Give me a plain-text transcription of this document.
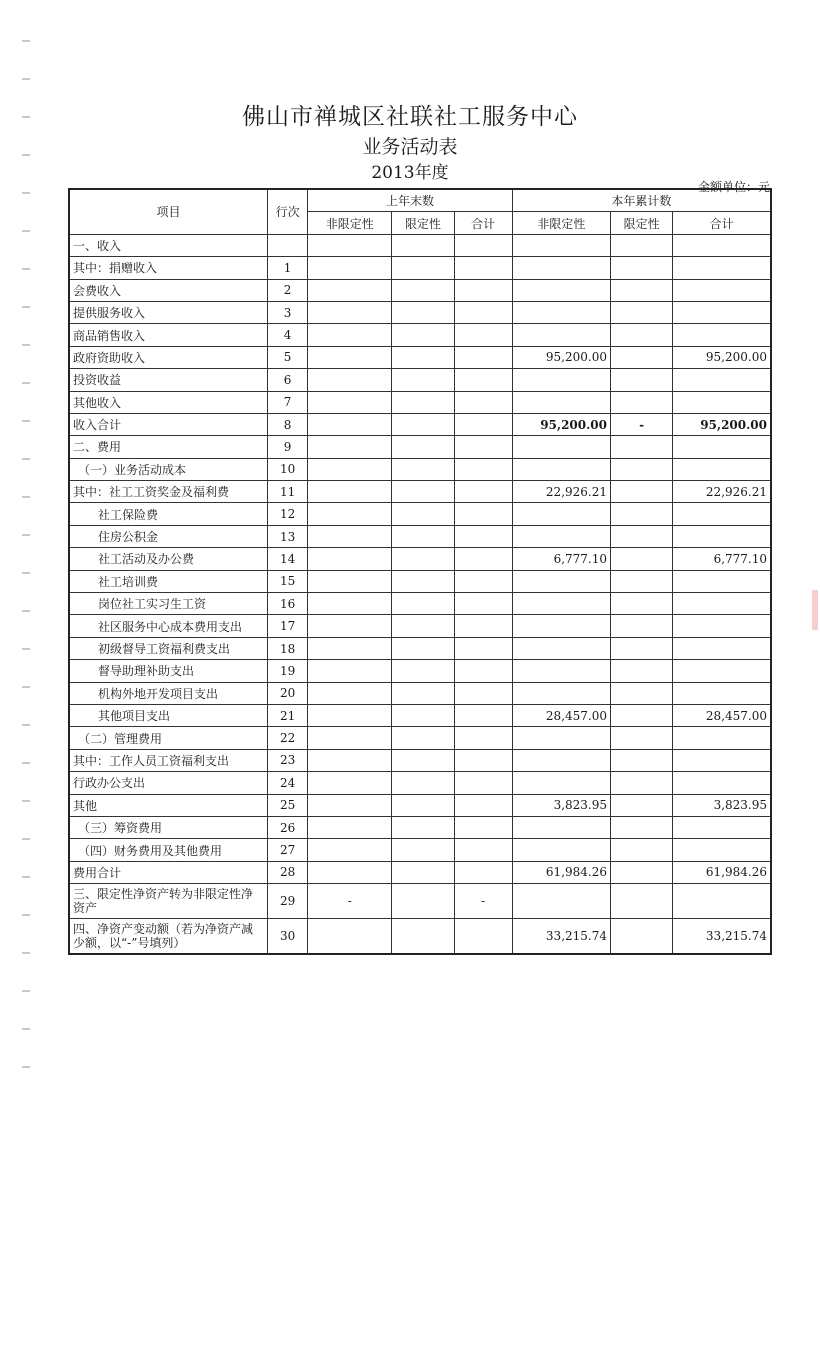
佛山市禅城区社联社工服务中心
业务活动表
2013年度
金额单位：元
项目	行次	上年末数			本年累计数		
		非限定性	限定性	合计	非限定性	限定性	合计
一、收入							
其中：捐赠收入	1						
会费收入	2						
提供服务收入	3						
商品销售收入	4						
政府资助收入	5				95,200.00		95,200.00
投资收益	6						
其他收入	7						
收入合计	8				95,200.00	-	95,200.00
二、费用	9						
（一）业务活动成本	10						
其中：社工工资奖金及福利费	11				22,926.21		22,926.21
社工保险费	12						
住房公积金	13						
社工活动及办公费	14				6,777.10		6,777.10
社工培训费	15						
岗位社工实习生工资	16						
社区服务中心成本费用支出	17						
初级督导工资福利费支出	18						
督导助理补助支出	19						
机构外地开发项目支出	20						
其他项目支出	21				28,457.00		28,457.00
（二）管理费用	22						
其中：工作人员工资福利支出	23						
行政办公支出	24						
其他	25				3,823.95		3,823.95
（三）筹资费用	26						
（四）财务费用及其他费用	27						
费用合计	28				61,984.26		61,984.26
三、限定性净资产转为非限定性净资产	29	-		-			
四、净资产变动额（若为净资产减少额，以“-”号填列）	30				33,215.74		33,215.74
